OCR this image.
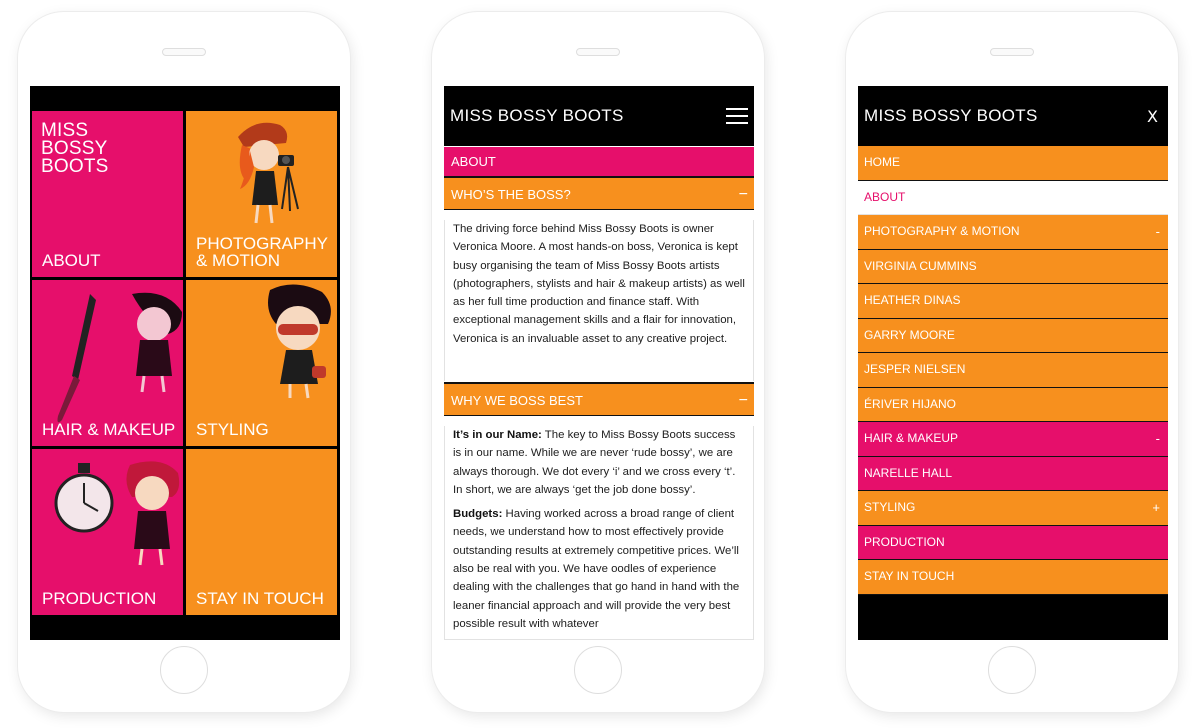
MISS
BOSSY
BOOTS
ABOUT
PHOTOGRAPHY & MOTION
HAIR & MAKEUP STYLING
PRODUCTION	STAY IN TOUCH
MISS BOSSY BOOTS
ABOUT
WHO’S THE BOSS?	−

The driving force behind Miss Bossy Boots is owner Veronica Moore. A most hands-on boss, Veronica is kept busy organising the team of Miss Bossy Boots artists (photographers, stylists and hair & makeup artists) as well as her full time production and finance staff. With exceptional management skills and a flair for innovation, Veronica is an invaluable asset to any creative project.

WHY WE BOSS BEST	−

It’s in our Name: The key to Miss Bossy Boots success is in our name. While we are never ‘rude bossy’, we are always thorough. We dot every ‘i’ and we cross every ‘t’. In short, we are always ‘get the job done bossy’.

Budgets: Having worked across a broad range of client needs, we understand how to most effectively provide outstanding results at extremely competitive prices. We’ll also be real with you. We have oodles of experience dealing with the challenges that go hand in hand with the leaner financial approach and will provide the very best possible result with whatever

MISS BOSSY BOOTS	X
HOME
ABOUT
PHOTOGRAPHY & MOTION	-
VIRGINIA CUMMINS
HEATHER DINAS
GARRY MOORE
JESPER NIELSEN
ÉRIVER HIJANO
HAIR & MAKEUP	-
NARELLE HALL
STYLING	+
PRODUCTION
STAY IN TOUCH
